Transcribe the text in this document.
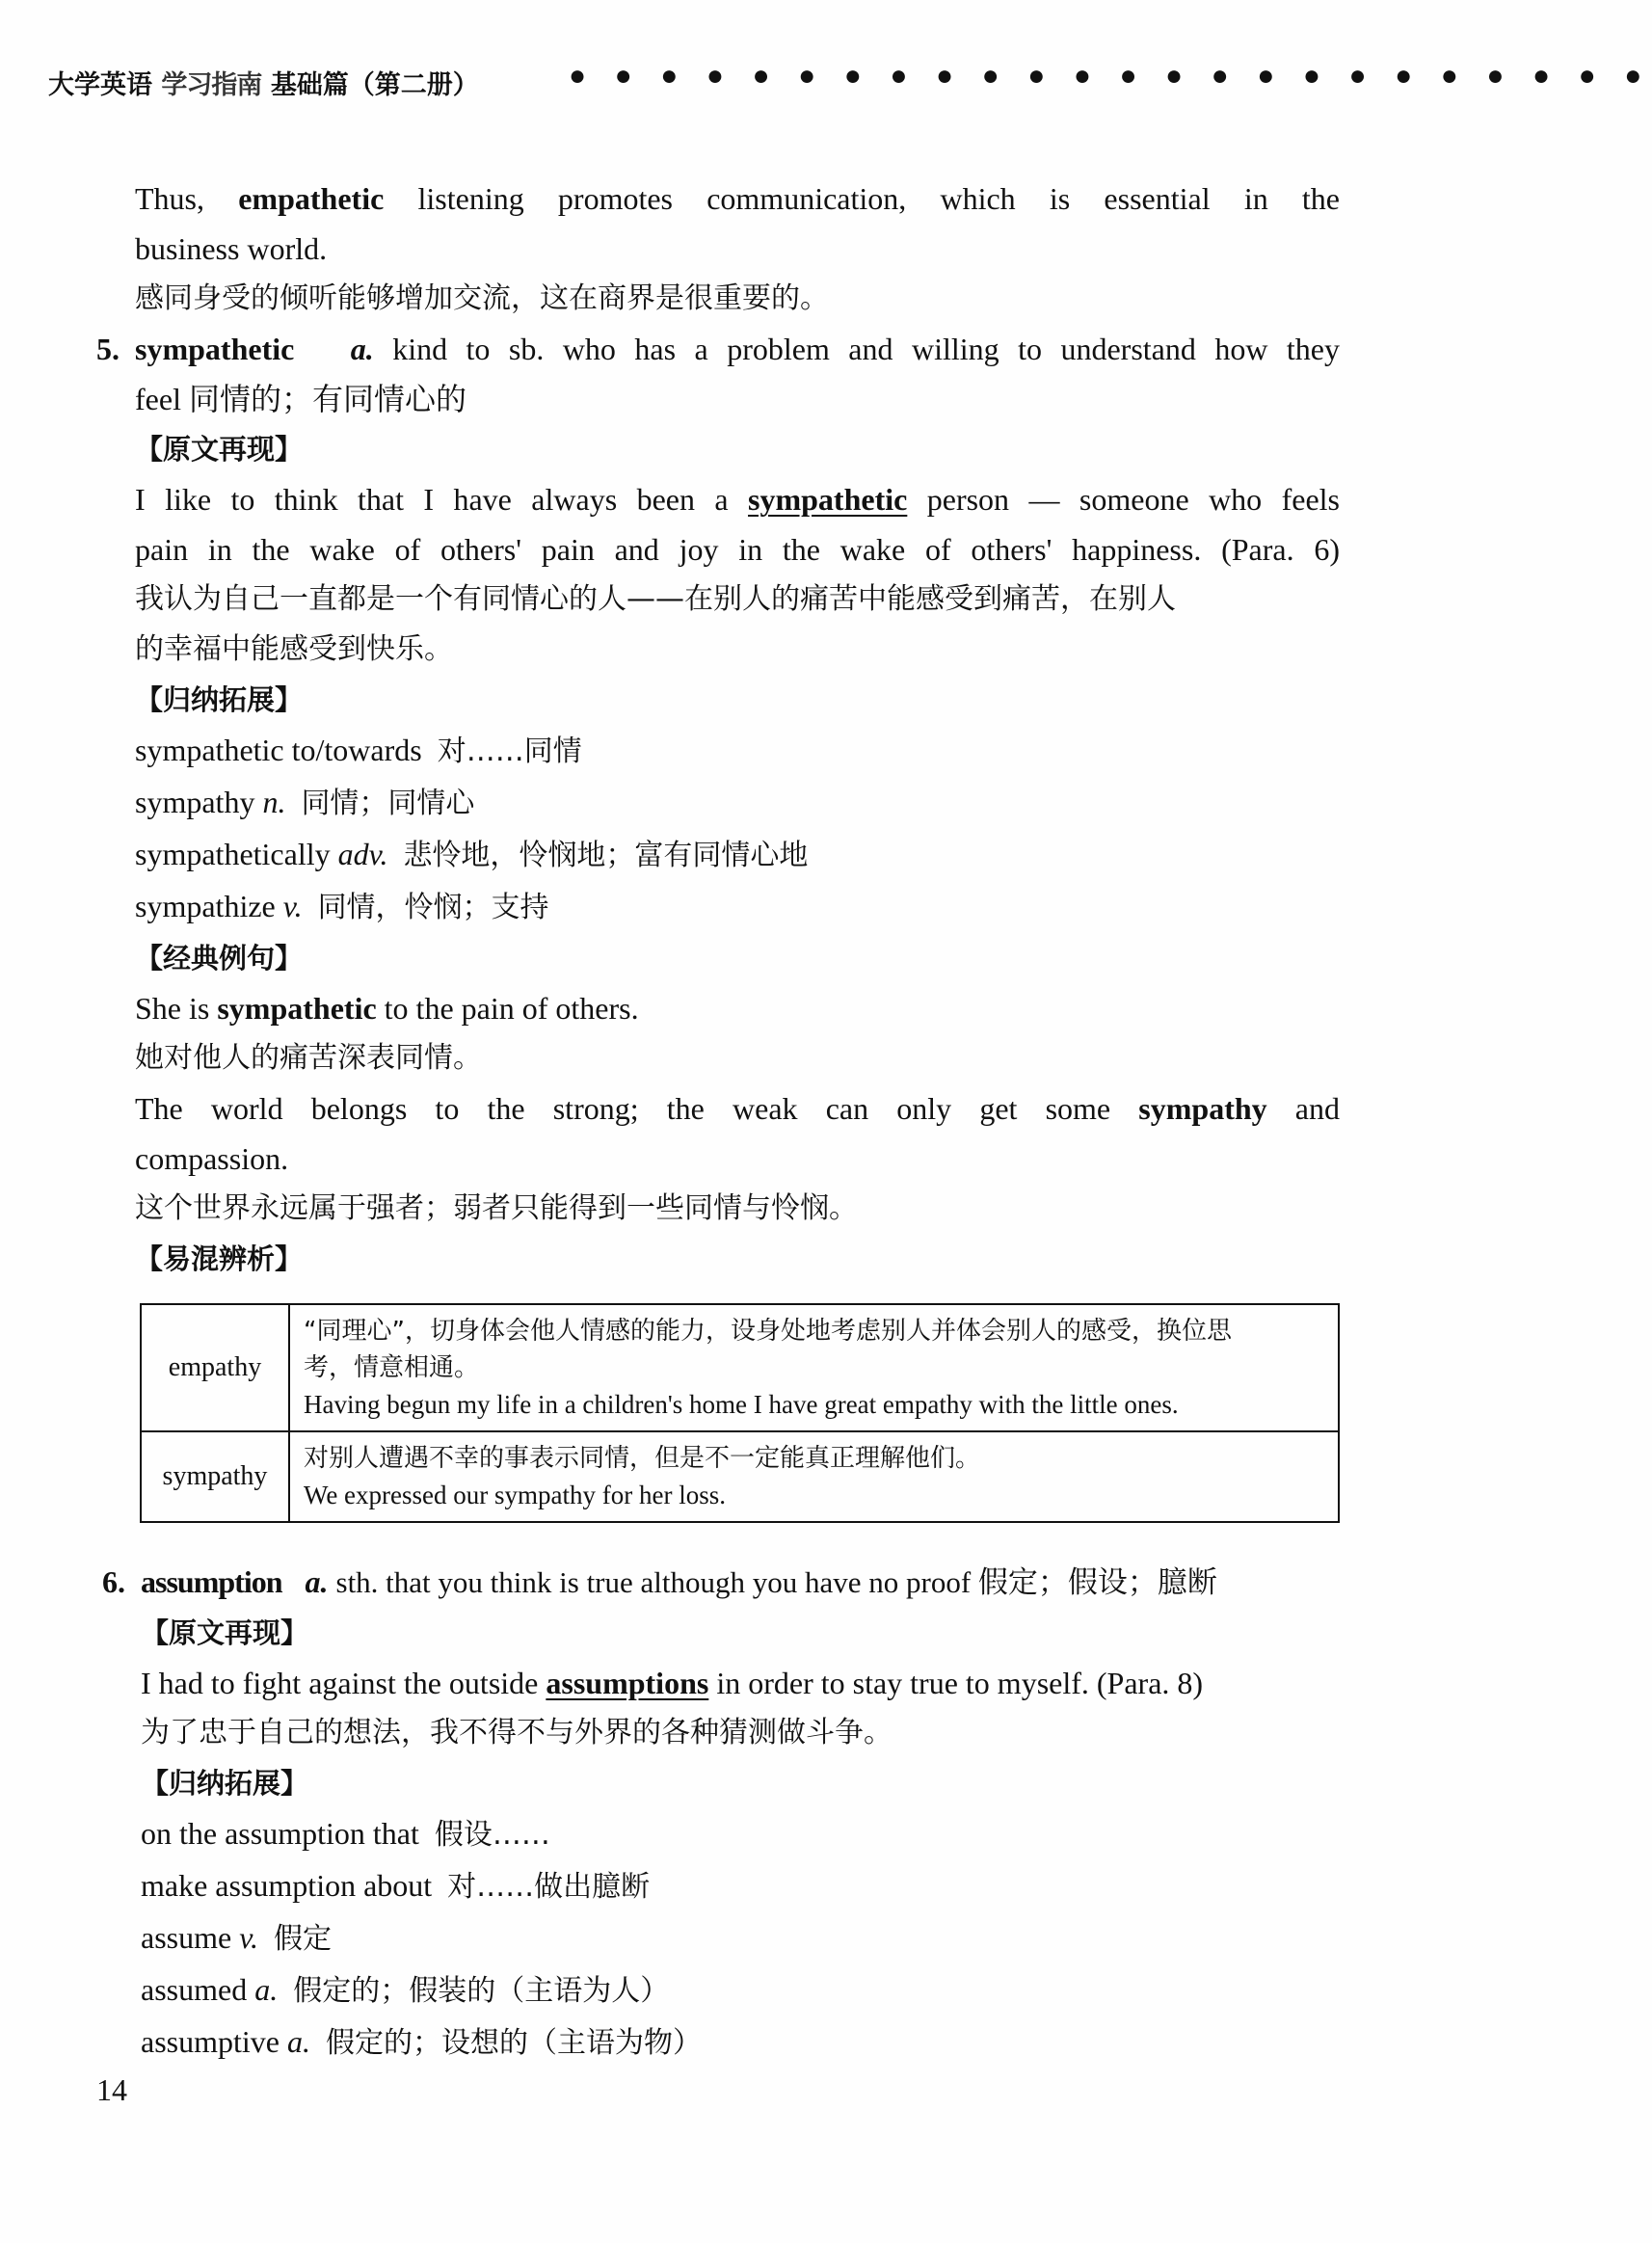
大学英语 学习指南 基础篇（第二册）	● ● ● ● ● ● ● ● ● ● ● ● ● ● ● ● ● ● ● ● ● ● ● ●
Thus, empathetic listening promotes communication, which is essential in the
business world.
感同身受的倾听能够增加交流，这在商界是很重要的。
5. sympathetic a. kind to sb. who has a problem and willing to understand how they
feel 同情的；有同情心的
【原文再现】
I like to think that I have always been a sympathetic person — someone who feels
pain in the wake of others' pain and joy in the wake of others' happiness. (Para. 6)
我认为自己一直都是一个有同情心的人——在别人的痛苦中能感受到痛苦，在别人
的幸福中能感受到快乐。
【归纳拓展】
sympathetic to/towards 对……同情
sympathy n. 同情；同情心
sympathetically adv. 悲怜地，怜悯地；富有同情心地
sympathize v. 同情，怜悯；支持
【经典例句】
She is sympathetic to the pain of others.
她对他人的痛苦深表同情。
The world belongs to the strong; the weak can only get some sympathy and
compassion.
这个世界永远属于强者；弱者只能得到一些同情与怜悯。
【易混辨析】
empathy	“同理心”，切身体会他人情感的能力，设身处地考虑别人并体会别人的感受，换位思
考，情意相通。
Having begun my life in a children's home I have great empathy with the little ones.

sympathy	对别人遭遇不幸的事表示同情，但是不一定能真正理解他们。
We expressed our sympathy for her loss.
6. assumption a. sth. that you think is true although you have no proof 假定；假设；臆断
【原文再现】
I had to fight against the outside assumptions in order to stay true to myself. (Para. 8)
为了忠于自己的想法，我不得不与外界的各种猜测做斗争。
【归纳拓展】
on the assumption that 假设……
make assumption about 对……做出臆断
assume v. 假定
assumed a. 假定的；假装的（主语为人）
assumptive a. 假定的；设想的（主语为物）
14
